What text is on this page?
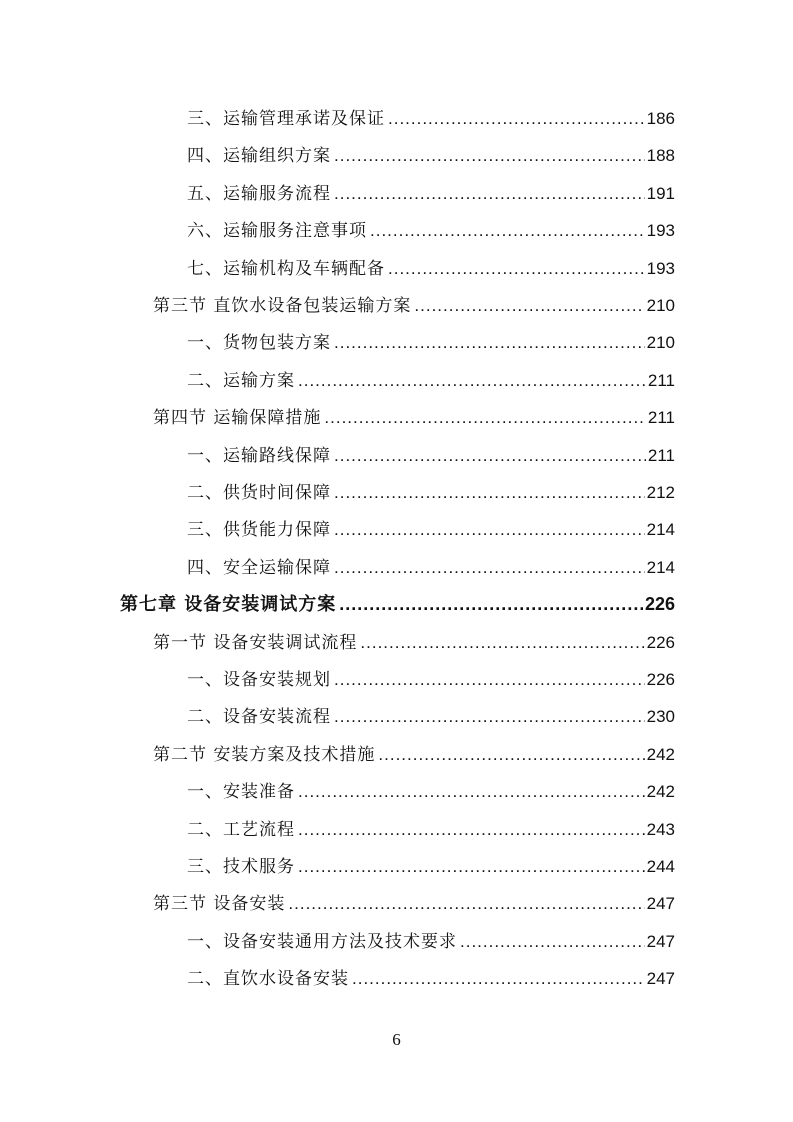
三、运输管理承诺及保证 .....	186
四、运输组织方案 .....	188
五、运输服务流程 .....	191
六、运输服务注意事项 .....	193
七、运输机构及车辆配备 .....	193
第三节 直饮水设备包装运输方案 .....	210
一、货物包装方案 .....	210
二、运输方案 .....	211
第四节 运输保障措施 .....	211
一、运输路线保障 .....	211
二、供货时间保障 .....	212
三、供货能力保障 .....	214
四、安全运输保障 .....	214
第七章 设备安装调试方案 .....	226
第一节 设备安装调试流程 .....	226
一、设备安装规划 .....	226
二、设备安装流程 .....	230
第二节 安装方案及技术措施 .....	242
一、安装准备 .....	242
二、工艺流程 .....	243
三、技术服务 .....	244
第三节 设备安装 .....	247
一、设备安装通用方法及技术要求 .....	247
二、直饮水设备安装 .....	247
6
